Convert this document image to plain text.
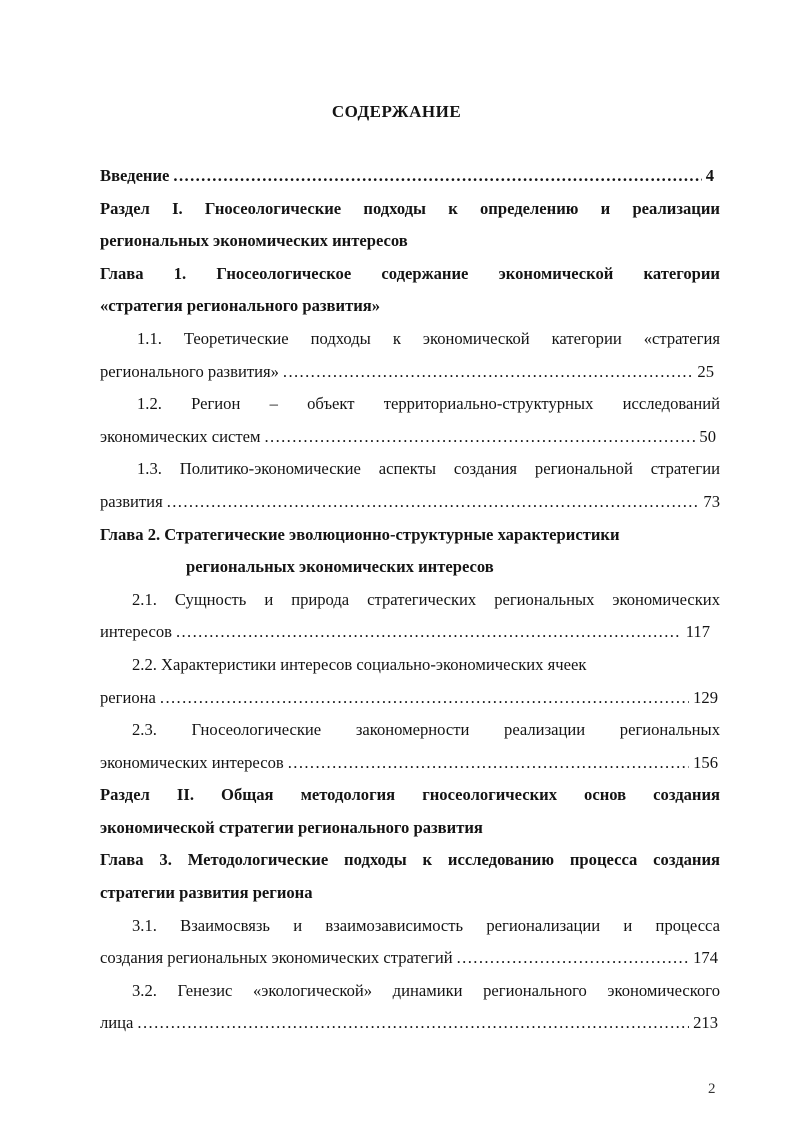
СОДЕРЖАНИЕ
Введение .....	4
Раздел I. Гносеологические подходы к определению и реализации
региональных экономических интересов
Глава 1. Гносеологическое содержание экономической категории
«стратегия регионального развития»
1.1. Теоретические подходы к экономической категории «стратегия
регионального развития» .....	25
1.2. Регион – объект территориально-структурных исследований
экономических систем .....	50
1.3. Политико-экономические аспекты создания региональной стратегии
развития .....	73
Глава 2. Стратегические эволюционно-структурные характеристики
региональных экономических интересов
2.1. Сущность и природа стратегических региональных экономических
интересов .....	117
2.2. Характеристики интересов социально-экономических ячеек
региона .....	129
2.3. Гносеологические закономерности реализации региональных
экономических интересов .....	156
Раздел II. Общая методология гносеологических основ создания
экономической стратегии регионального развития
Глава 3. Методологические подходы к исследованию процесса создания
стратегии развития региона
3.1. Взаимосвязь и взаимозависимость регионализации и процесса
создания региональных экономических стратегий .....	174
3.2. Генезис «экологической» динамики регионального экономического
лица .....	213
2
